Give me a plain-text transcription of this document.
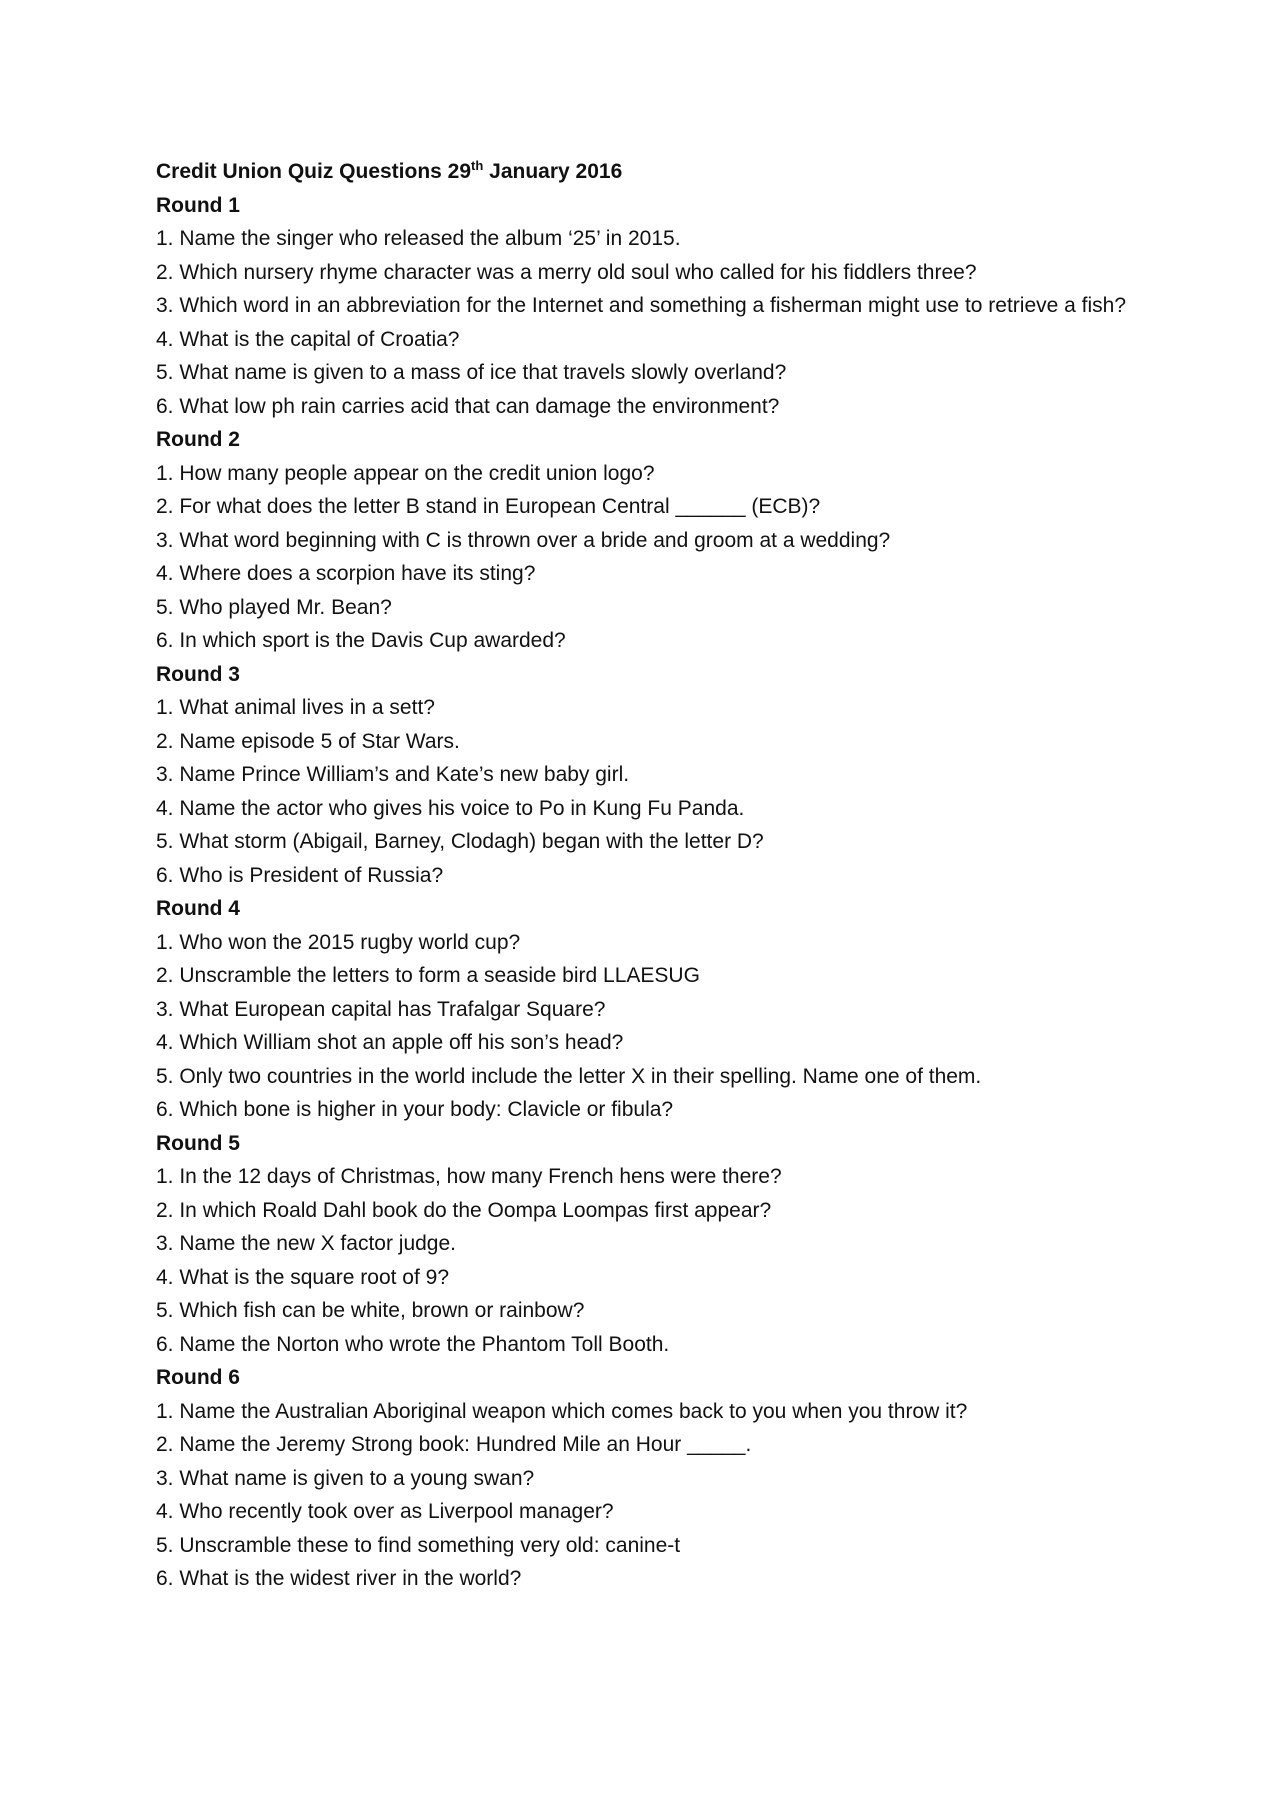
Credit Union Quiz Questions 29th January 2016

Round 1

1. Name the singer who released the album ‘25’ in 2015.

2. Which nursery rhyme character was a merry old soul who called for his fiddlers three?

3. Which word in an abbreviation for the Internet and something a fisherman might use to retrieve a fish?

4. What is the capital of Croatia?

5. What name is given to a mass of ice that travels slowly overland?

6. What low ph rain carries acid that can damage the environment?

Round 2

1. How many people appear on the credit union logo?

2. For what does the letter B stand in European Central ______ (ECB)?

3. What word beginning with C is thrown over a bride and groom at a wedding?

4. Where does a scorpion have its sting?

5. Who played Mr. Bean?

6. In which sport is the Davis Cup awarded?

Round 3

1. What animal lives in a sett?

2. Name episode 5 of Star Wars.

3. Name Prince William’s and Kate’s new baby girl.

4. Name the actor who gives his voice to Po in Kung Fu Panda.

5. What storm (Abigail, Barney, Clodagh) began with the letter D?

6. Who is President of Russia?

Round 4

1. Who won the 2015 rugby world cup?

2. Unscramble the letters to form a seaside bird LLAESUG

3. What European capital has Trafalgar Square?

4. Which William shot an apple off his son’s head?

5. Only two countries in the world include the letter X in their spelling. Name one of them.

6. Which bone is higher in your body: Clavicle or fibula?

Round 5

1. In the 12 days of Christmas, how many French hens were there?

2. In which Roald Dahl book do the Oompa Loompas first appear?

3. Name the new X factor judge.

4. What is the square root of 9?

5. Which fish can be white, brown or rainbow?

6. Name the Norton who wrote the Phantom Toll Booth.

Round 6

1. Name the Australian Aboriginal weapon which comes back to you when you throw it?

2. Name the Jeremy Strong book: Hundred Mile an Hour _____.

3. What name is given to a young swan?

4. Who recently took over as Liverpool manager?

5. Unscramble these to find something very old: canine-t

6. What is the widest river in the world?
